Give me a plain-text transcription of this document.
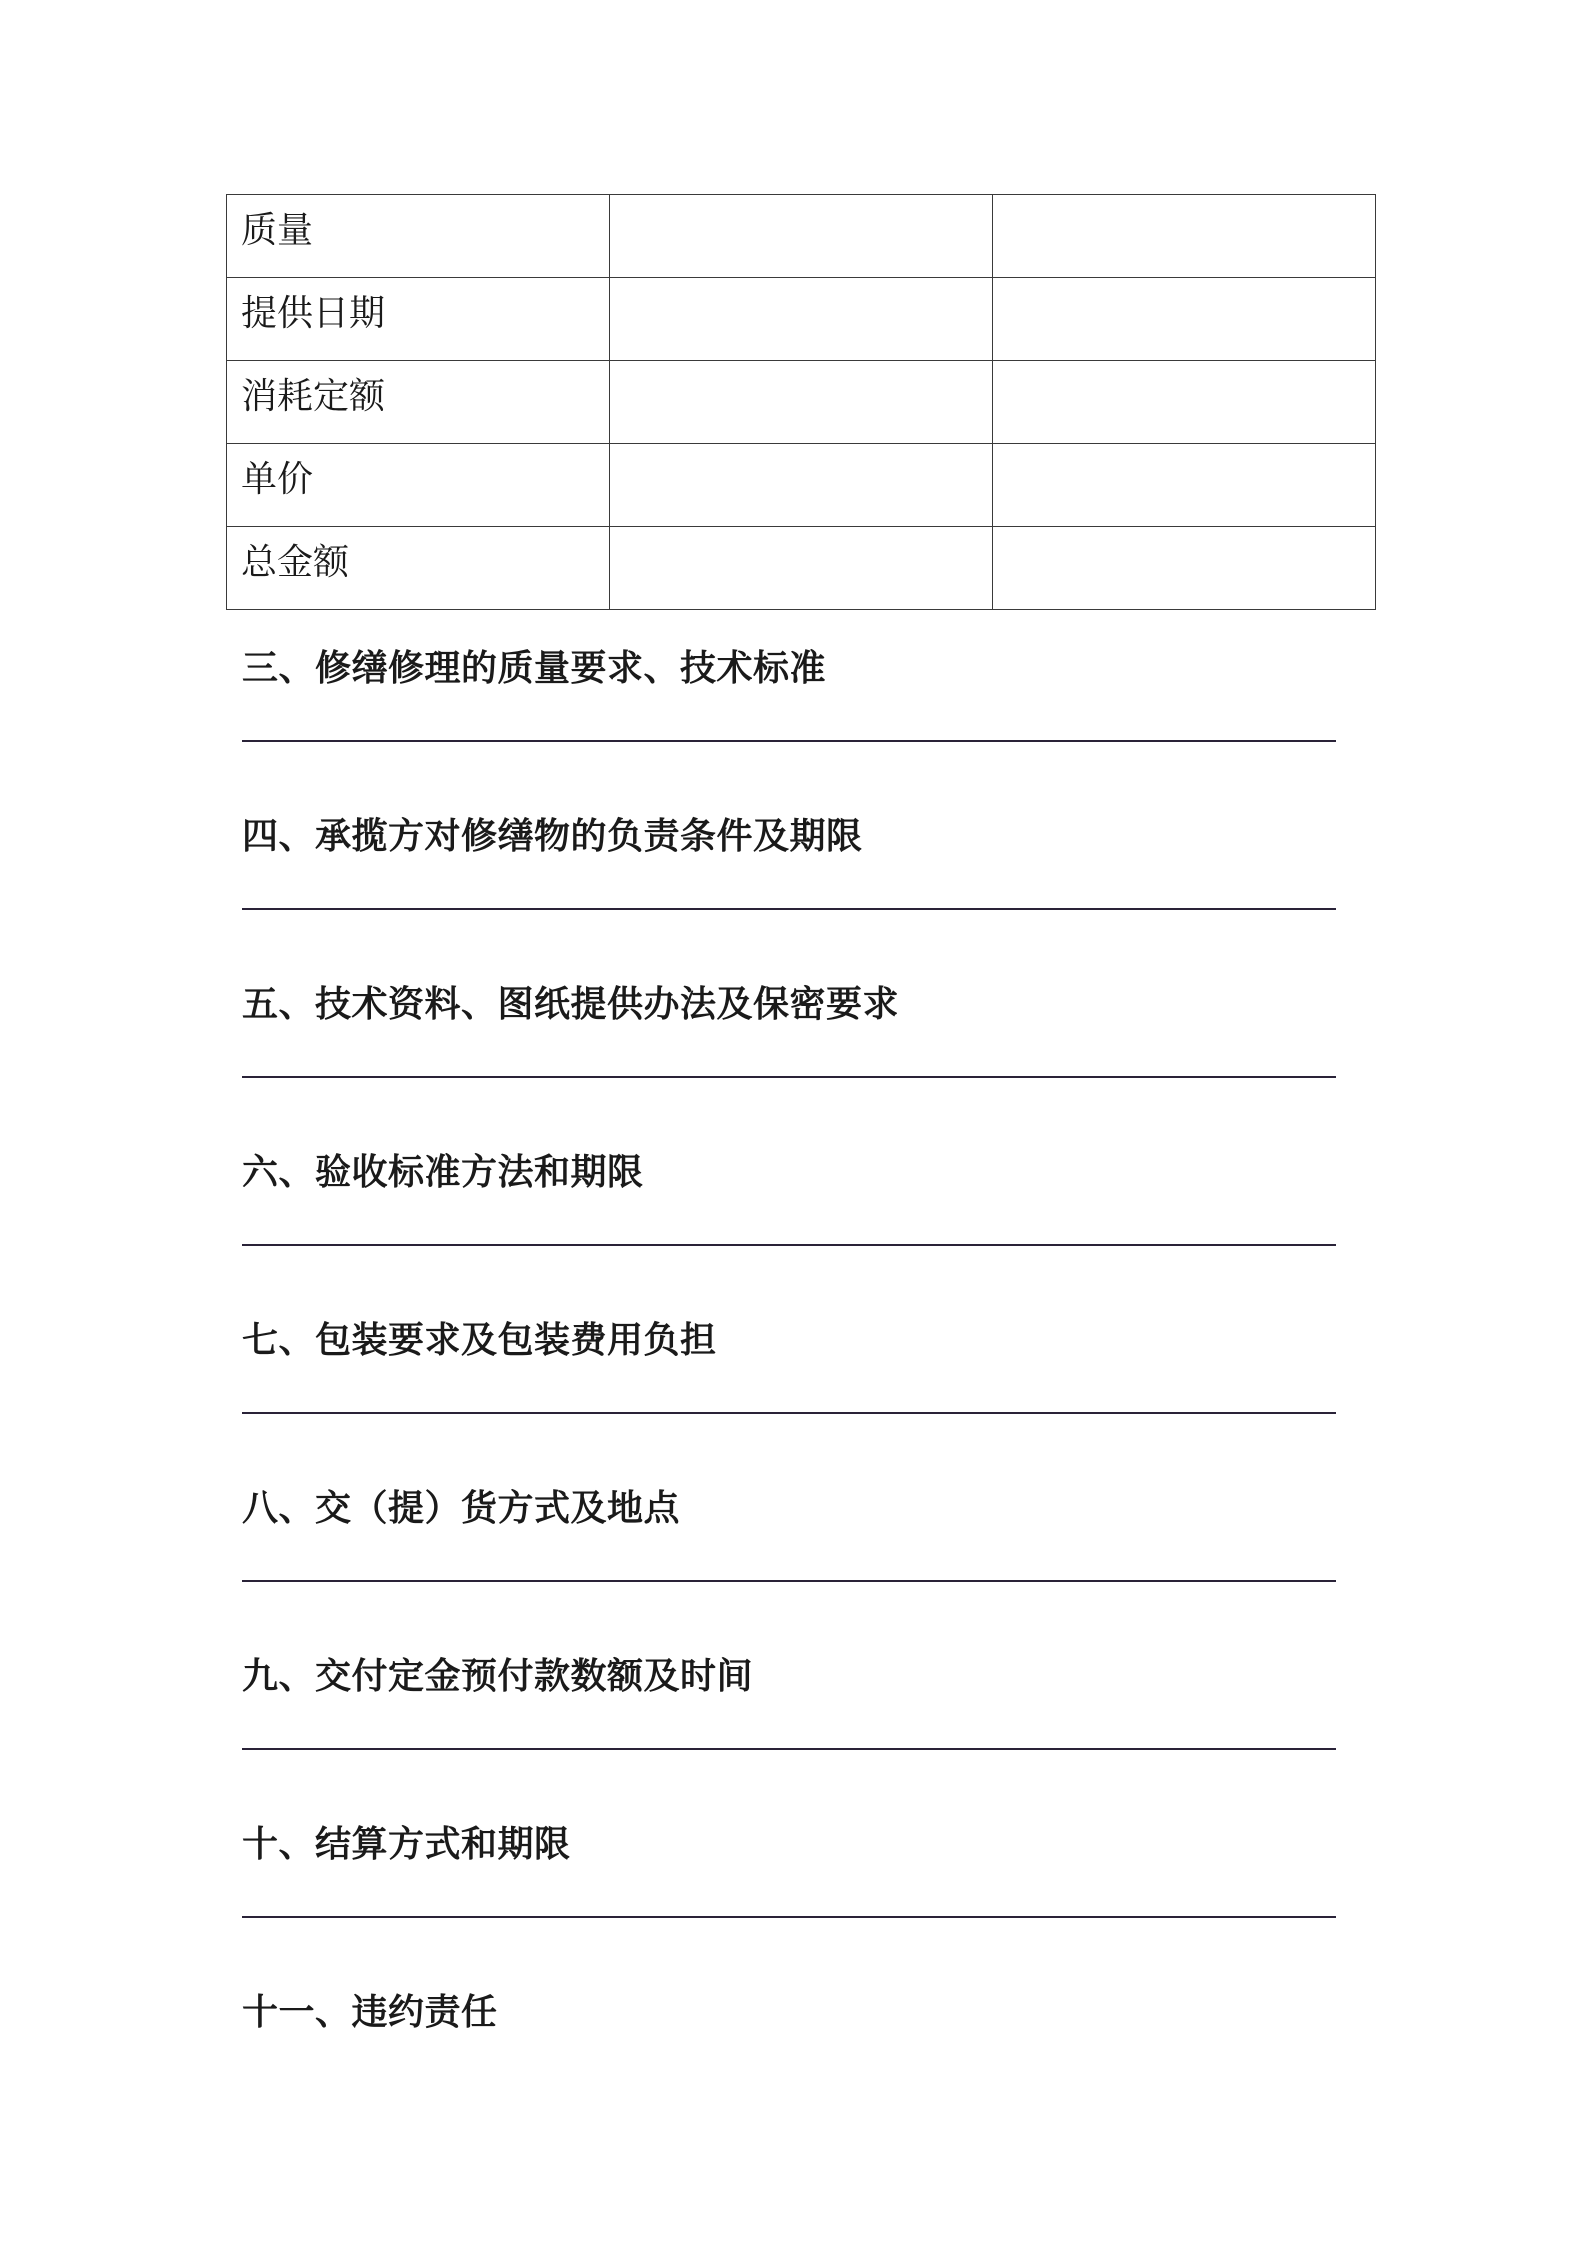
质量		

提供日期		

消耗定额		

单价		

总金额		

三、修缮修理的质量要求、技术标准
四、承揽方对修缮物的负责条件及期限
五、技术资料、图纸提供办法及保密要求
六、验收标准方法和期限
七、包装要求及包装费用负担
八、交（提）货方式及地点
九、交付定金预付款数额及时间
十、结算方式和期限
十一、违约责任
